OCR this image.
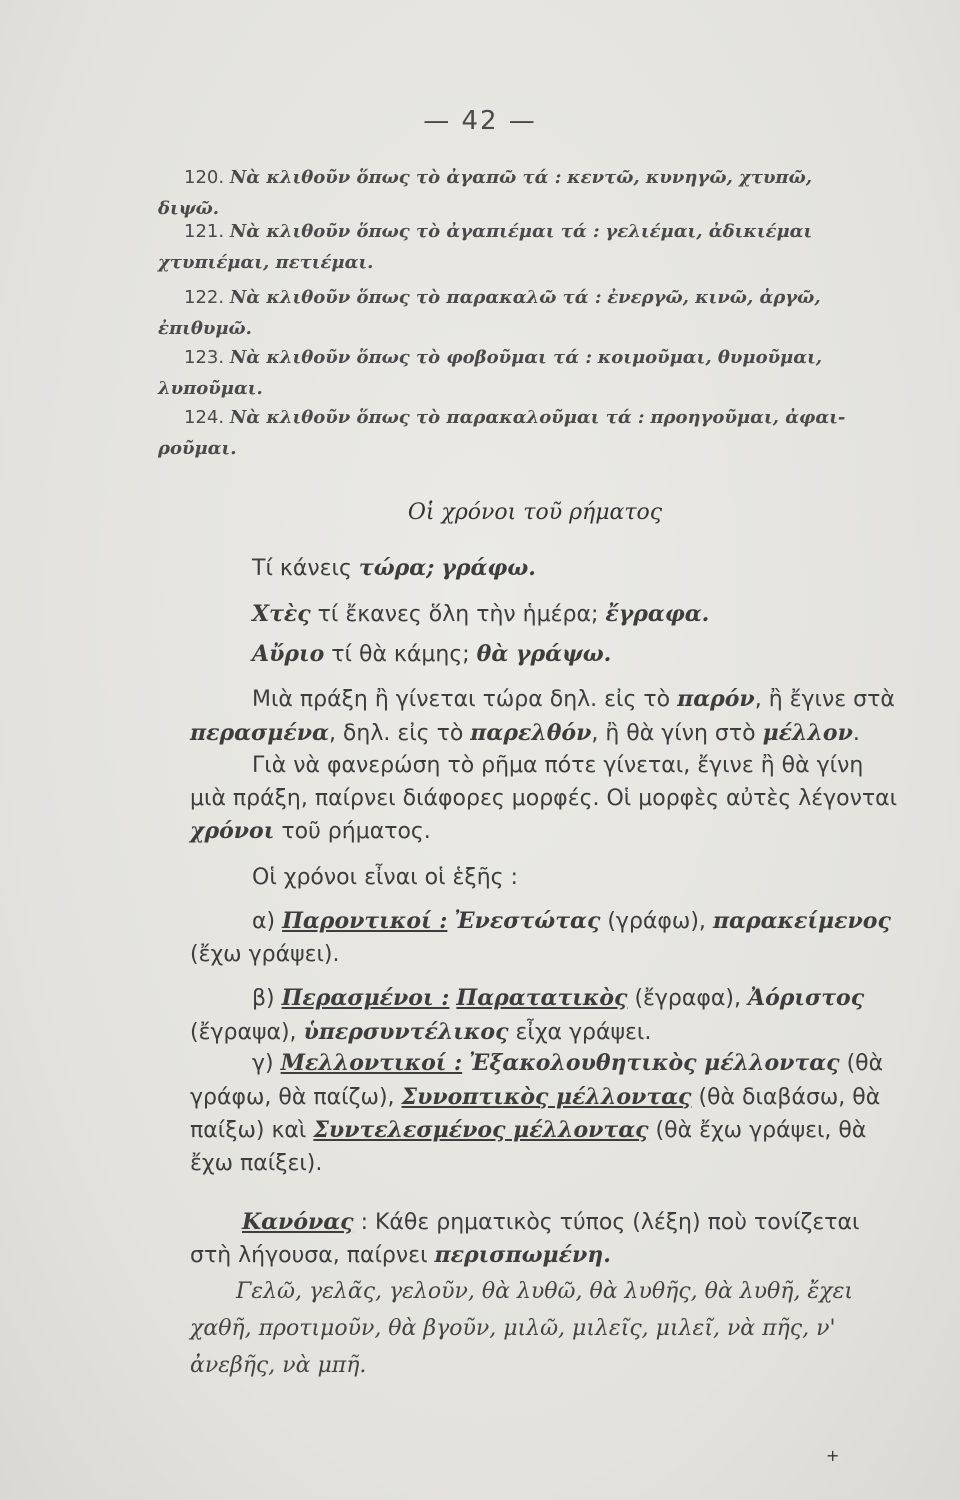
— 42 —
120. Νὰ κλιθοῦν ὅπως τὸ ἀγαπῶ τά : κεντῶ, κυνηγῶ, χτυπῶ,
διψῶ.
121. Νὰ κλιθοῦν ὅπως τὸ ἀγαπιέμαι τά : γελιέμαι, ἀδικιέμαι
χτυπιέμαι, πετιέμαι.
122. Νὰ κλιθοῦν ὅπως τὸ παρακαλῶ τά : ἐνεργῶ, κινῶ, ἀργῶ,
ἐπιθυμῶ.
123. Νὰ κλιθοῦν ὅπως τὸ φοβοῦμαι τά : κοιμοῦμαι, θυμοῦμαι,
λυποῦμαι.
124. Νὰ κλιθοῦν ὅπως τὸ παρακαλοῦμαι τά : προηγοῦμαι, ἀφαι-
ροῦμαι.
Οἱ χρόνοι τοῦ ρήματος
Τί κάνεις τώρα; γράφω.
Χτὲς τί ἔκανες ὅλη τὴν ἡμέρα; ἔγραφα.
Αὔριο τί θὰ κάμης; θὰ γράψω.
Μιὰ πράξη ἢ γίνεται τώρα δηλ. εἰς τὸ παρόν, ἢ ἔγινε στὰ περασμένα, δηλ. εἰς τὸ παρελθόν, ἢ θὰ γίνη στὸ μέλλον.
Γιὰ νὰ φανερώση τὸ ρῆμα πότε γίνεται, ἔγινε ἢ θὰ γίνη μιὰ πράξη, παίρνει διάφορες μορφές. Οἱ μορφὲς αὐτὲς λέγονται χρόνοι τοῦ ρήματος.
Οἱ χρόνοι εἶναι οἱ ἑξῆς :
α) Παροντικοί : Ἐνεστώτας (γράφω), παρακείμενος (ἔχω γράψει).
β) Περασμένοι : Παρατατικὸς (ἔγραφα), Ἀόριστος (ἔγραψα), ὑπερσυντέλικος εἶχα γράψει.
γ) Μελλοντικοί : Ἐξακολουθητικὸς μέλλοντας (θὰ γράφω, θὰ παίζω), Συνοπτικὸς μέλλοντας (θὰ διαβάσω, θὰ παίξω) καὶ Συντελεσμένος μέλλοντας (θὰ ἔχω γράψει, θὰ ἔχω παίξει).
Κανόνας : Κάθε ρηματικὸς τύπος (λέξη) ποὺ τονίζεται στὴ λήγουσα, παίρνει περισπωμένη.
Γελῶ, γελᾶς, γελοῦν, θὰ λυθῶ, θὰ λυθῆς, θὰ λυθῆ, ἔχει χαθῆ, προτιμοῦν, θὰ βγοῦν, μιλῶ, μιλεῖς, μιλεῖ, νὰ πῆς, ν' ἀνεβῆς, νὰ μπῆ.
+
